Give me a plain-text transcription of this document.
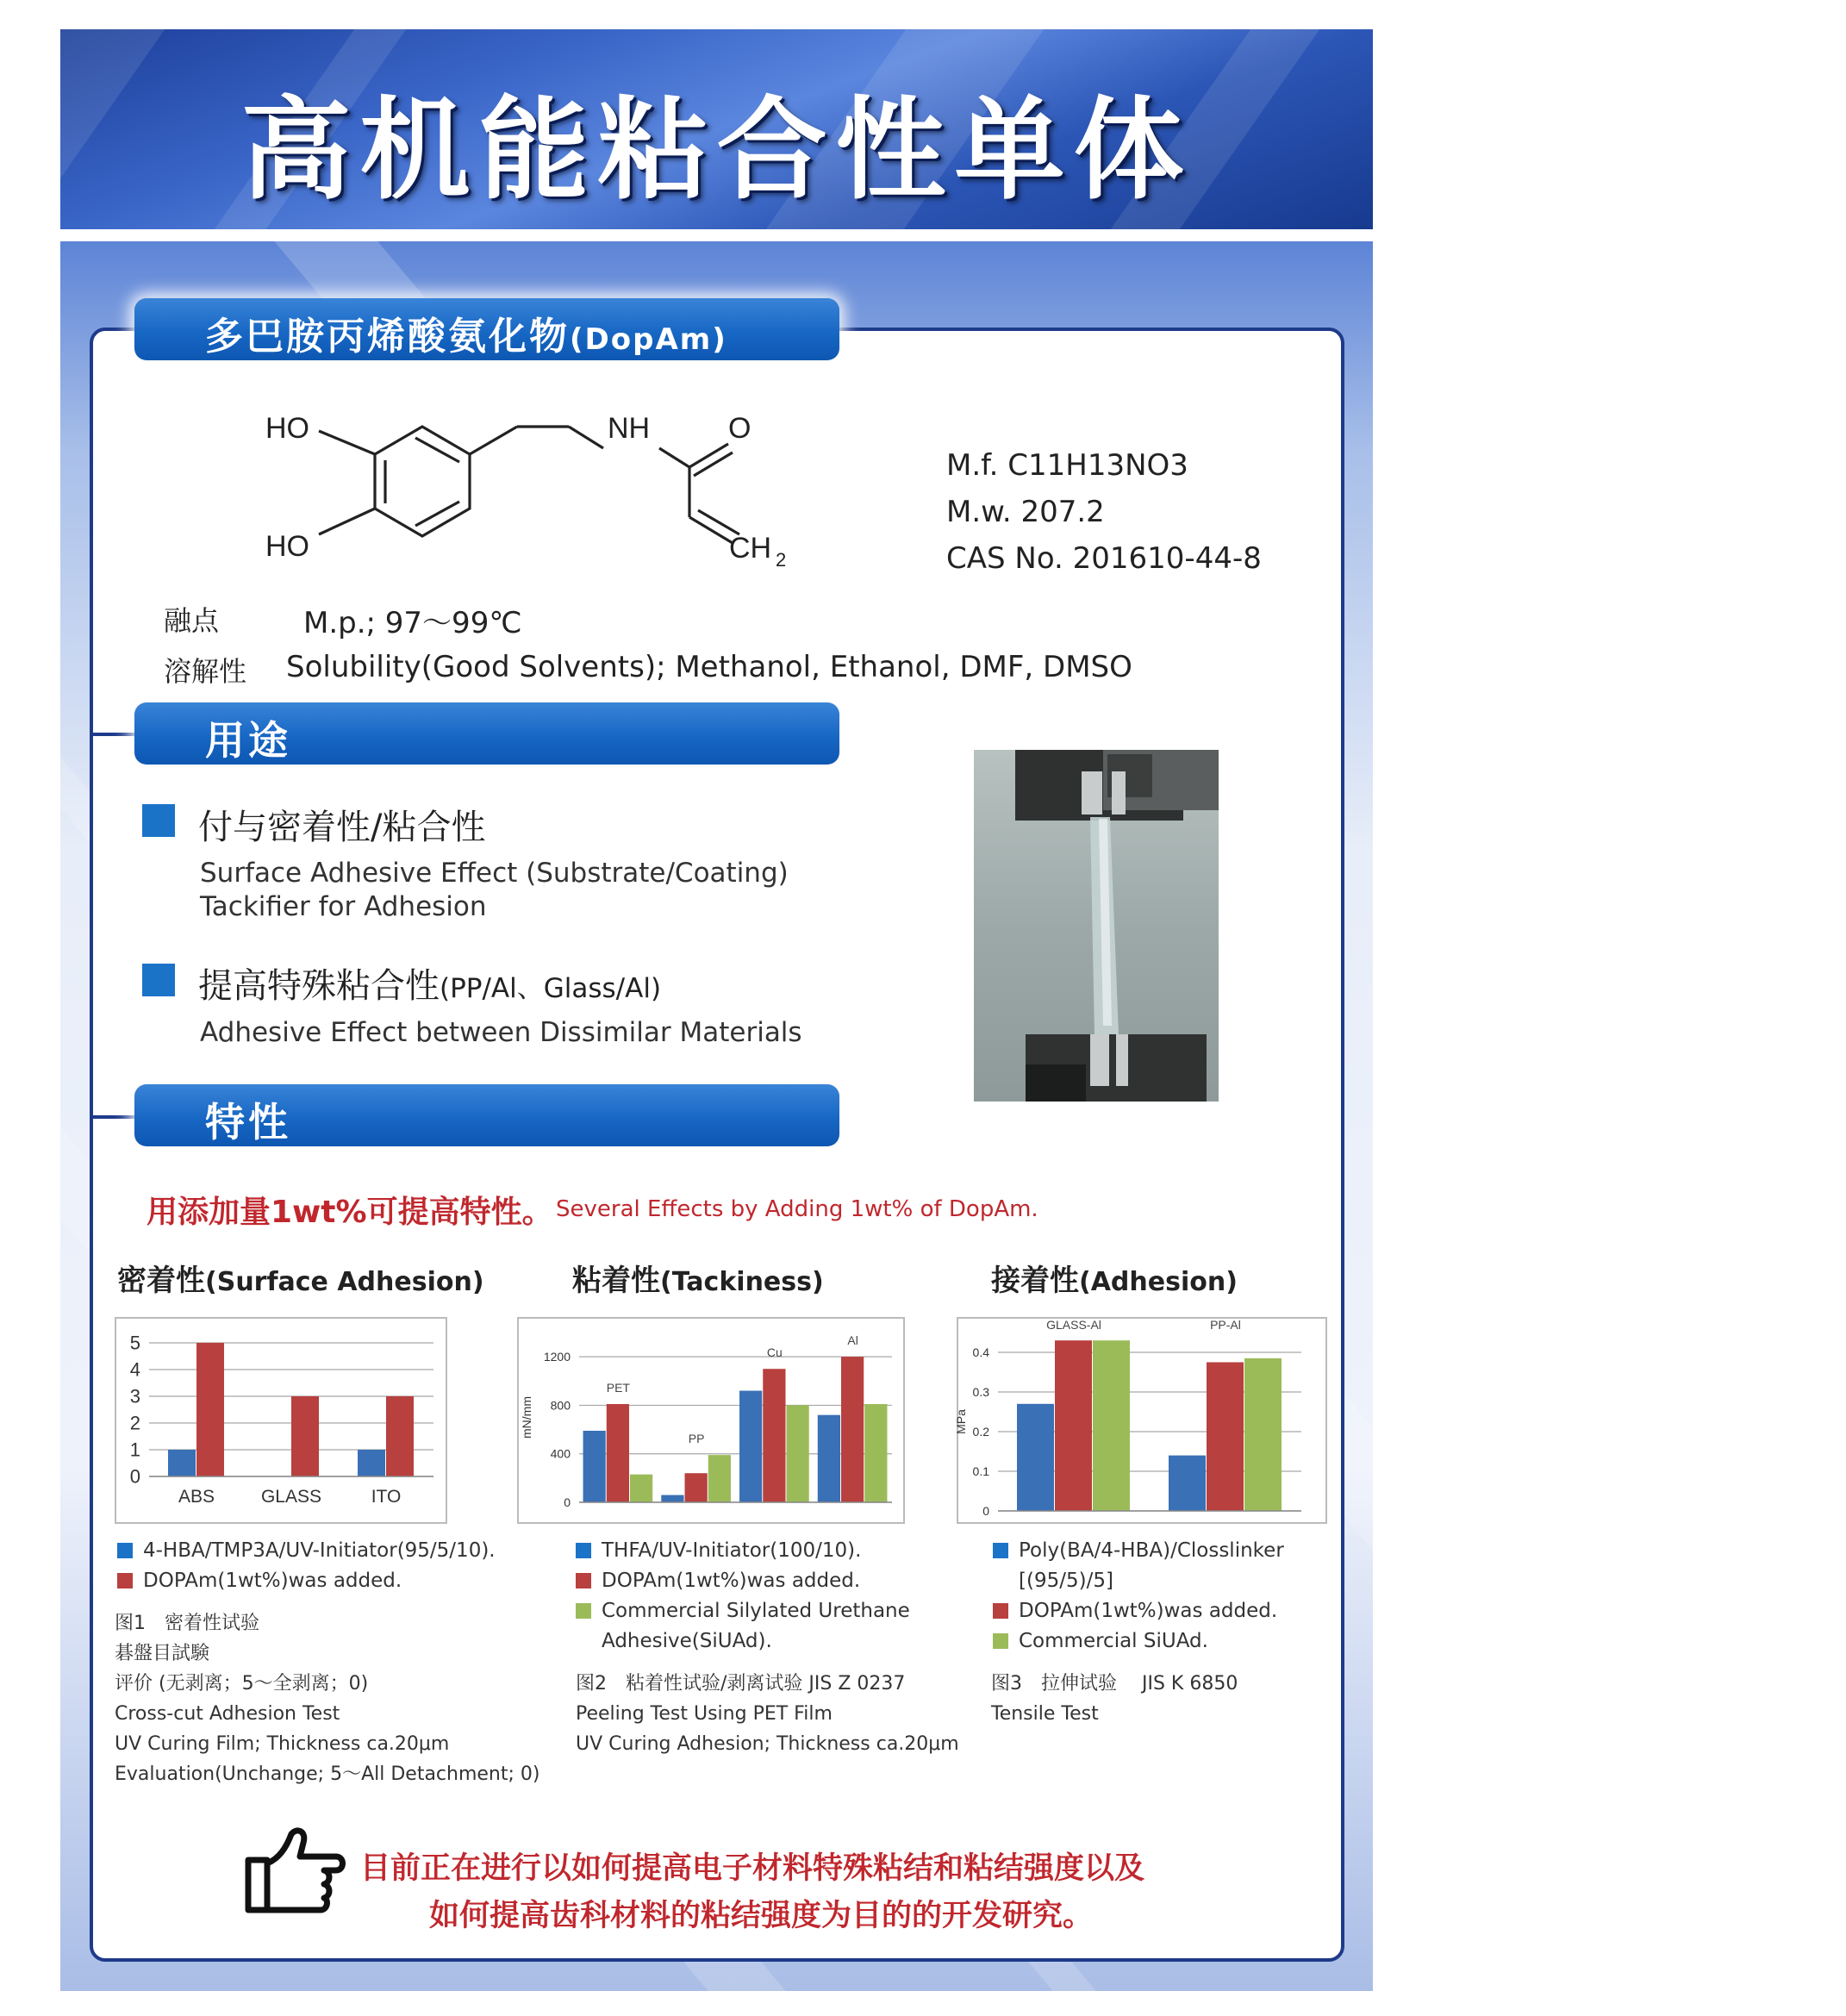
高机能粘合性单体
多巴胺丙烯酸氨化物(DopAm)
HO
HO
NH	O
CH 2
M.f. C11H13NO3
M.w. 207.2
CAS No. 201610-44-8
融点	M.p.; 97～99℃
溶解性 Solubility(Good Solvents); Methanol, Ethanol, DMF, DMSO
用途
付与密着性/粘合性
Surface Adhesive Effect (Substrate/Coating)
Tackifier for Adhesion
提高特殊粘合性(PP/Al、Glass/Al)
Adhesive Effect between Dissimilar Materials
特性
用添加量1wt%可提高特性。 Several Effects by Adding 1wt% of DopAm.
密着性(Surface Adhesion)	粘着性(Tackiness)	接着性(Adhesion)
0
1
2
3
4
5
ABS	GLASS	ITO	0
400
800
1200
mN/mm
PET
PP
Cu
Al
0
0.1
0.2
0.3
0.4
MPa
GLASS-Al	PP-Al
4-HBA/TMP3A/UV-Initiator(95/5/10).
DOPAm(1wt%)was added.
THFA/UV-Initiator(100/10).
DOPAm(1wt%)was added.
Commercial Silylated Urethane
Adhesive(SiUAd).
Poly(BA/4-HBA)/Closslinker
[(95/5)/5]
DOPAm(1wt%)was added.
Commercial SiUAd.
图1　密着性试验
碁盤目試験
评价 (无剥离；5～全剥离；0)
Cross-cut Adhesion Test
UV Curing Film; Thickness ca.20μm
Evaluation(Unchange; 5～All Detachment; 0)
图2　粘着性试验/剥离试验 JIS Z 0237
Peeling Test Using PET Film
UV Curing Adhesion; Thickness ca.20μm
图3　拉伸试验　 JIS K 6850
Tensile Test
目前正在进行以如何提高电子材料特殊粘结和粘结强度以及
如何提高齿科材料的粘结强度为目的的开发研究。
